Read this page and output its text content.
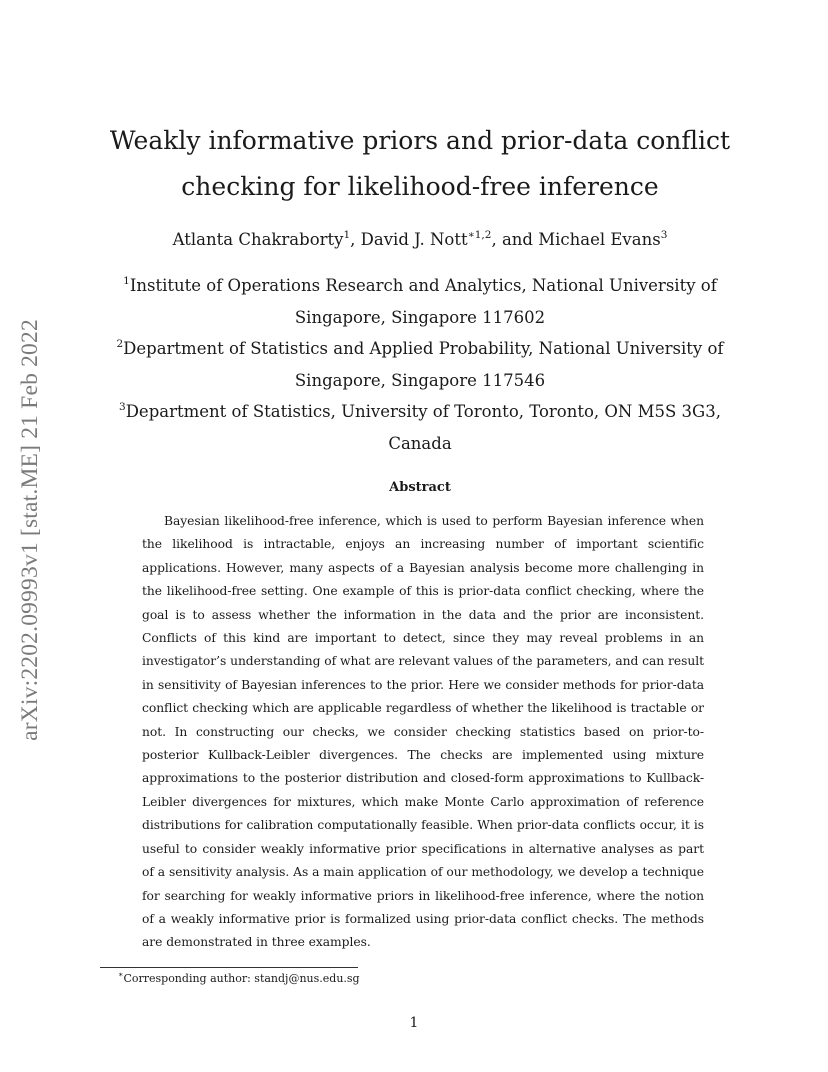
arXiv:2202.09993v1 [stat.ME] 21 Feb 2022
Weakly informative priors and prior-data conflict
checking for likelihood-free inference
Atlanta Chakraborty$^1$, David J. Nott$^{∗1,2}$, and Michael Evans$^3$

$^1$Institute of Operations Research and Analytics, National University of
Singapore, Singapore 117602

$^2$Department of Statistics and Applied Probability, National University of
Singapore, Singapore 117546

$^3$Department of Statistics, University of Toronto, Toronto, ON M5S 3G3,
Canada

Abstract

Bayesian likelihood-free inference, which is used to perform Bayesian inference when the likelihood is intractable, enjoys an increasing number of important scientific applications. However, many aspects of a Bayesian analysis become more challenging in the likelihood-free setting. One example of this is prior-data conflict checking, where the goal is to assess whether the information in the data and the prior are inconsistent. Conflicts of this kind are important to detect, since they may reveal problems in an investigator’s understanding of what are relevant values of the parameters, and can result in sensitivity of Bayesian inferences to the prior. Here we consider methods for prior-data conflict checking which are applicable regardless of whether the likelihood is tractable or not. In constructing our checks, we consider checking statistics based on prior-to-posterior Kullback-Leibler divergences. The checks are implemented using mixture approximations to the posterior distribution and closed-form approximations to Kullback-Leibler divergences for mixtures, which make Monte Carlo approximation of reference distributions for calibration computationally feasible. When prior-data conflicts occur, it is useful to consider weakly informative prior specifications in alternative analyses as part of a sensitivity analysis. As a main application of our methodology, we develop a technique for searching for weakly informative priors in likelihood-free inference, where the notion of a weakly informative prior is formalized using prior-data conflict checks. The methods are demonstrated in three examples.

∗Corresponding author: standj@nus.edu.sg
1
